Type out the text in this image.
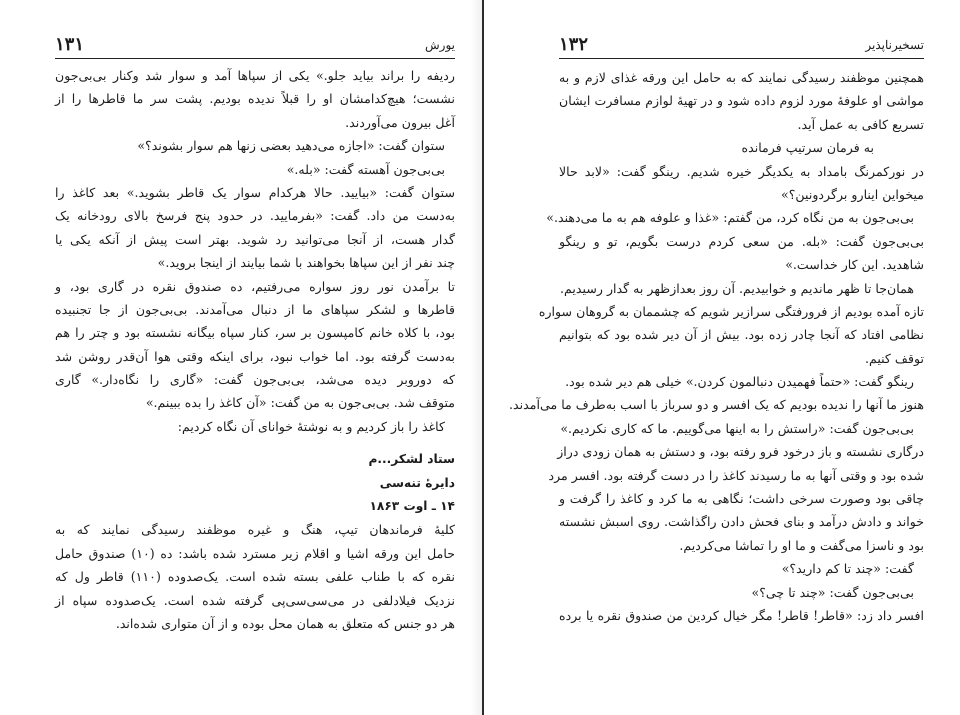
۱۳۱	یورش
ردیفه را براند بیاید جلو.» یکی از سپاها آمد و سوار شد وکنار بی‌بی‌جون
نشست؛ هیچ‌کدامشان او را قبلاً ندیده بودیم. پشت سر ما قاطرها را از
آغل بیرون می‌آوردند.
ستوان گفت: «اجازه می‌دهید بعضی زنها هم سوار بشوند؟»
بی‌بی‌جون آهسته گفت: «بله.»
ستوان گفت: «بیایید. حالا هرکدام سوار یک قاطر بشوید.» بعد کاغذ را
به‌دست من داد. گفت: «بفرمایید. در حدود پنج فرسخ بالای رودخانه یک
گدار هست، از آنجا می‌توانید رد شوید. بهتر است پیش از آنکه یکی یا
چند نفر از این سپاها بخواهند با شما بیایند از اینجا بروید.»
تا برآمدن نور روز سواره می‌رفتیم، ده صندوق نقره در گاری بود، و
قاطرها و لشکر سپاهای ما از دنبال می‌آمدند. بی‌بی‌جون از جا تجنبیده
بود، با کلاه خانم کامپسون بر سر، کنار سپاه بیگانه نشسته بود و چتر را هم
به‌دست گرفته بود. اما خواب نبود، برای اینکه وقتی هوا آن‌قدر روشن شد
که دوروبر دیده می‌شد، بی‌بی‌جون گفت: «گاری را نگاه‌دار.» گاری
متوقف شد. بی‌بی‌جون به من گفت: «آن کاغذ را بده ببینم.»
کاغذ را باز کردیم و به نوشتهٔ خوانای آن نگاه کردیم:
ستاد لشکر...م
دایرهٔ تنه‌سی
۱۴ ـ اوت ۱۸۶۳
کلیهٔ فرماندهان تیپ، هنگ و غیره موظفند رسیدگی نمایند که به
حامل این ورقه اشیا و اقلام زیر مسترد شده باشد: ده (۱۰) صندوق حامل
نقره که با طناب علفی بسته شده است. یک‌صدوده (۱۱۰) قاطر ول که
نزدیک فیلادلفی در می‌سی‌سی‌پی گرفته شده است. یک‌صدوده سپاه از
هر دو جنس که متعلق به همان محل بوده و از آن متواری شده‌اند.
۱۳۲	تسخیرناپذیر
همچنین موظفند رسیدگی نمایند که به حامل این ورقه غذای لازم و به
مواشی او علوفهٔ مورد لزوم داده شود و در تهیهٔ لوازم مسافرت ایشان
تسریع کافی به عمل آید.
به فرمان سرتیپ فرمانده
در نورکمرنگ بامداد به یکدیگر خیره شدیم. رینگو گفت: «لابد حالا
میخواین اینارو برگردونین؟»
بی‌بی‌جون به من نگاه کرد، من گفتم: «غذا و علوفه هم به ما می‌دهند.»
بی‌بی‌جون گفت: «بله. من سعی کردم درست بگویم، تو و رینگو
شاهدید. این کار خداست.»
همان‌جا تا ظهر ماندیم و خوابیدیم. آن روز بعدازظهر به گدار رسیدیم.
تازه آمده بودیم از فرورفتگی سرازیر شویم که چشممان به گروهان سواره
نظامی افتاد که آنجا چادر زده بود. بیش از آن دیر شده بود که بتوانیم
توقف کنیم.
رینگو گفت: «حتماً فهمیدن دنبالمون کردن.» خیلی هم دیر شده بود.
هنوز ما آنها را ندیده بودیم که یک افسر و دو سرباز با اسب به‌طرف ما می‌آمدند.
بی‌بی‌جون گفت: «راستش را به اینها می‌گوییم. ما که کاری نکردیم.»
درگاری نشسته و باز درخود فرو رفته بود، و دستش به همان زودی دراز
شده بود و وقتی آنها به ما رسیدند کاغذ را در دست گرفته بود. افسر مرد
چاقی بود وصورت سرخی داشت؛ نگاهی به ما کرد و کاغذ را گرفت و
خواند و دادش درآمد و بنای فحش دادن راگذاشت. روی اسبش نشسته
بود و ناسزا می‌گفت و ما او را تماشا می‌کردیم.
گفت: «چند تا کم دارید؟»
بی‌بی‌جون گفت: «چند تا چی؟»
افسر داد زد: «قاطر! قاطر! مگر خیال کردین من صندوق نقره یا برده
